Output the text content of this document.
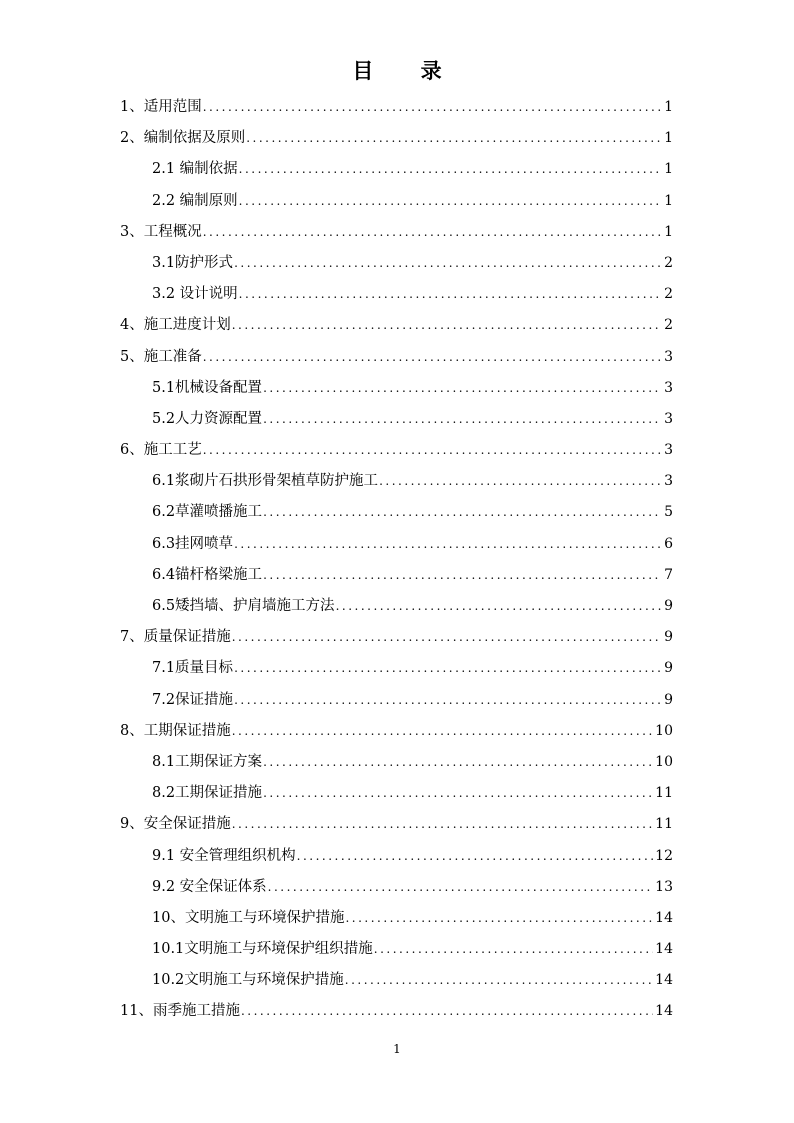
目 录
1、适用范围 .....	1
2、编制依据及原则 .....	1
2.1 编制依据 .....	1
2.2 编制原则 .....	1
3、工程概况 .....	1
3.1防护形式 .....	2
3.2 设计说明 .....	2
4、施工进度计划 .....	2
5、施工准备 .....	3
5.1机械设备配置 .....	3
5.2人力资源配置 .....	3
6、施工工艺 .....	3
6.1浆砌片石拱形骨架植草防护施工 .....	3
6.2草灌喷播施工 .....	5
6.3挂网喷草 .....	6
6.4锚杆格梁施工 .....	7
6.5矮挡墙、护肩墙施工方法 .....	9
7、质量保证措施 .....	9
7.1质量目标 .....	9
7.2保证措施 .....	9
8、工期保证措施 .....	10
8.1工期保证方案 .....	10
8.2工期保证措施 .....	11
9、安全保证措施 .....	11
9.1 安全管理组织机构 .....	12
9.2 安全保证体系 .....	13
10、文明施工与环境保护措施 .....	14
10.1文明施工与环境保护组织措施 .....	14
10.2文明施工与环境保护措施 .....	14
11、雨季施工措施 .....	14
1
